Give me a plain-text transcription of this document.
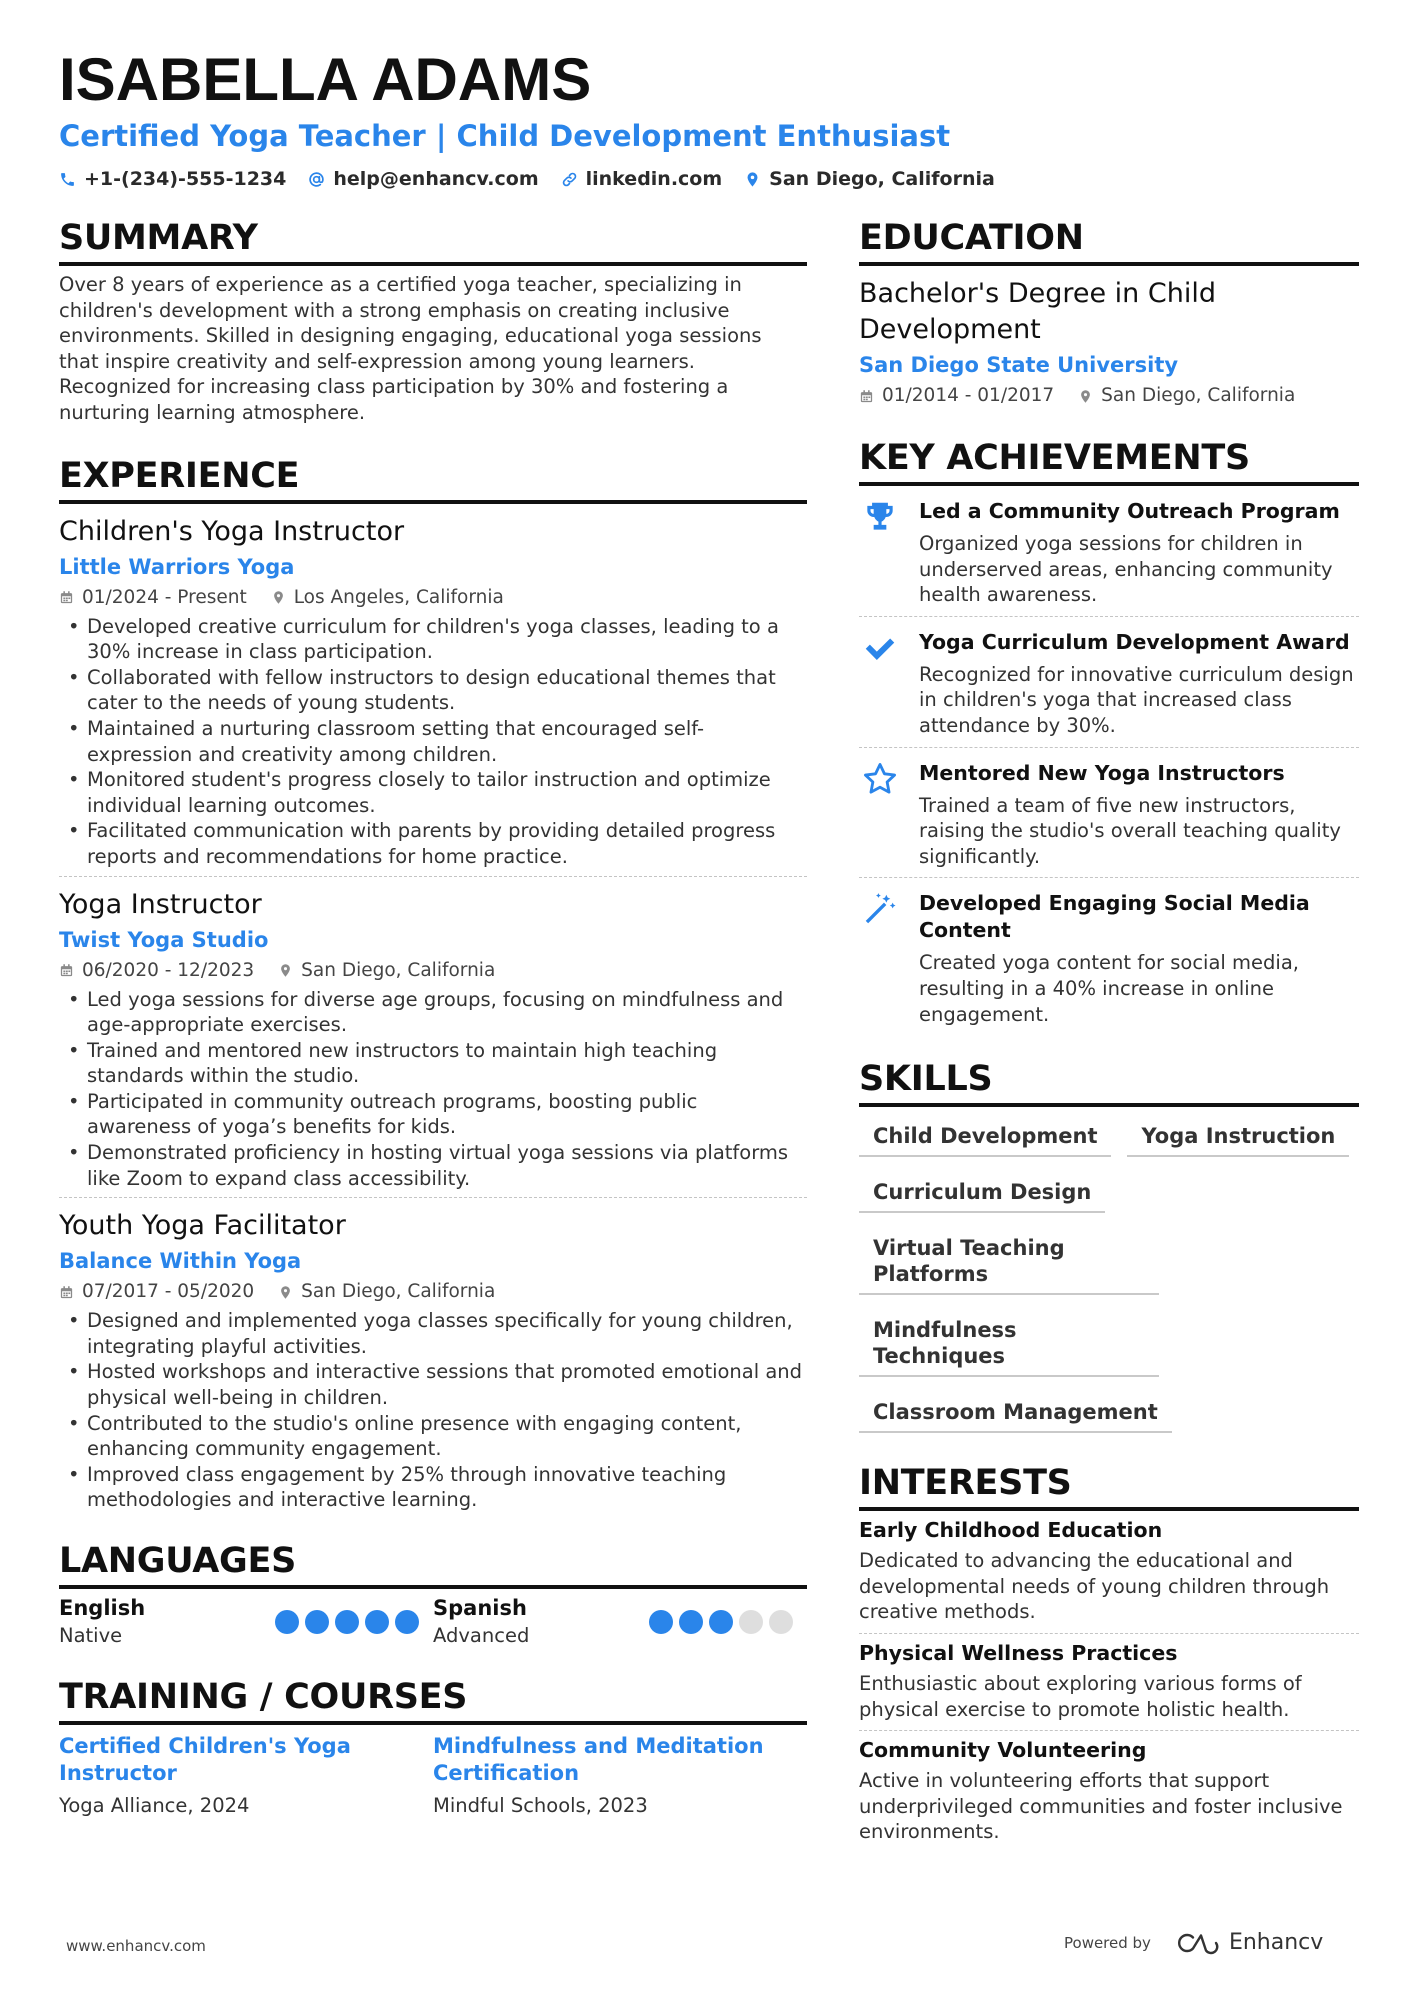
ISABELLA ADAMS
Certified Yoga Teacher | Child Development Enthusiast
+1-(234)-555-1234 help@enhancv.com linkedin.com San Diego, California
SUMMARY
Over 8 years of experience as a certified yoga teacher, specializing in children's development with a strong emphasis on creating inclusive environments. Skilled in designing engaging, educational yoga sessions that inspire creativity and self-expression among young learners. Recognized for increasing class participation by 30% and fostering a nurturing learning atmosphere.
EXPERIENCE
Children's Yoga Instructor
Little Warriors Yoga
01/2024 - Present	Los Angeles, California
• Developed creative curriculum for children's yoga classes, leading to a 30% increase in class participation.
• Collaborated with fellow instructors to design educational themes that cater to the needs of young students.
• Maintained a nurturing classroom setting that encouraged self-expression and creativity among children.
• Monitored student's progress closely to tailor instruction and optimize individual learning outcomes.
• Facilitated communication with parents by providing detailed progress reports and recommendations for home practice.
Yoga Instructor
Twist Yoga Studio
06/2020 - 12/2023	San Diego, California
• Led yoga sessions for diverse age groups, focusing on mindfulness and age-appropriate exercises.
• Trained and mentored new instructors to maintain high teaching standards within the studio.
• Participated in community outreach programs, boosting public awareness of yoga’s benefits for kids.
• Demonstrated proficiency in hosting virtual yoga sessions via platforms like Zoom to expand class accessibility.
Youth Yoga Facilitator
Balance Within Yoga
07/2017 - 05/2020	San Diego, California
• Designed and implemented yoga classes specifically for young children, integrating playful activities.
• Hosted workshops and interactive sessions that promoted emotional and physical well-being in children.
• Contributed to the studio's online presence with engaging content, enhancing community engagement.
• Improved class engagement by 25% through innovative teaching methodologies and interactive learning.
LANGUAGES
English
Native
Spanish
Advanced
TRAINING / COURSES
Certified Children's Yoga Instructor
Yoga Alliance, 2024
Mindfulness and Meditation Certification
Mindful Schools, 2023
EDUCATION
Bachelor's Degree in Child Development
San Diego State University
01/2014 - 01/2017	San Diego, California
KEY ACHIEVEMENTS
Led a Community Outreach Program
Organized yoga sessions for children in underserved areas, enhancing community health awareness.
Yoga Curriculum Development Award
Recognized for innovative curriculum design in children's yoga that increased class attendance by 30%.
Mentored New Yoga Instructors
Trained a team of five new instructors, raising the studio's overall teaching quality significantly.
Developed Engaging Social Media Content
Created yoga content for social media, resulting in a 40% increase in online engagement.
SKILLS
Child Development	Yoga Instruction
Curriculum Design
Virtual Teaching Platforms
Mindfulness Techniques
Classroom Management
INTERESTS
Early Childhood Education
Dedicated to advancing the educational and developmental needs of young children through creative methods.
Physical Wellness Practices
Enthusiastic about exploring various forms of physical exercise to promote holistic health.
Community Volunteering
Active in volunteering efforts that support underprivileged communities and foster inclusive environments.
www.enhancv.com	Powered by	Enhancv
